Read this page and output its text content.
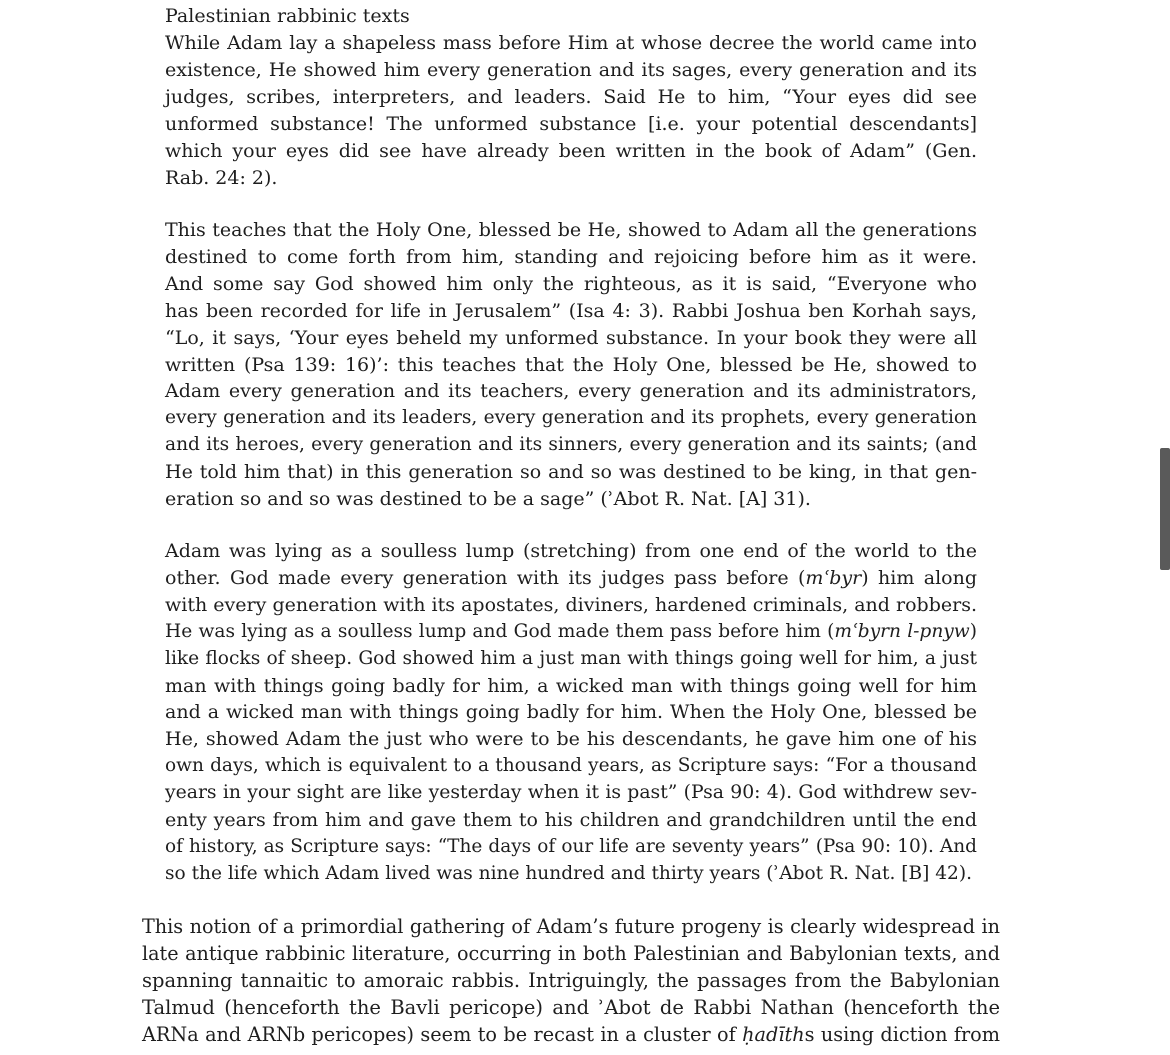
Palestinian rabbinic texts
While Adam lay a shapeless mass before Him at whose decree the world came into
existence, He showed him every generation and its sages, every generation and its
judges, scribes, interpreters, and leaders. Said He to him, “Your eyes did see
unformed substance! The unformed substance [i.e. your potential descendants]
which your eyes did see have already been written in the book of Adam” (Gen.
Rab. 24: 2).
This teaches that the Holy One, blessed be He, showed to Adam all the generations
destined to come forth from him, standing and rejoicing before him as it were.
And some say God showed him only the righteous, as it is said, “Everyone who
has been recorded for life in Jerusalem” (Isa 4: 3). Rabbi Joshua ben Korhah says,
“Lo, it says, ‘Your eyes beheld my unformed substance. In your book they were all
written (Psa 139: 16)’: this teaches that the Holy One, blessed be He, showed to
Adam every generation and its teachers, every generation and its administrators,
every generation and its leaders, every generation and its prophets, every generation
and its heroes, every generation and its sinners, every generation and its saints; (and
He told him that) in this generation so and so was destined to be king, in that gen-
eration so and so was destined to be a sage” (ʾAbot R. Nat. [A] 31).
Adam was lying as a soulless lump (stretching) from one end of the world to the
other. God made every generation with its judges pass before (mʿbyr) him along
with every generation with its apostates, diviners, hardened criminals, and robbers.
He was lying as a soulless lump and God made them pass before him (mʿbyrn l-pnyw)
like flocks of sheep. God showed him a just man with things going well for him, a just
man with things going badly for him, a wicked man with things going well for him
and a wicked man with things going badly for him. When the Holy One, blessed be
He, showed Adam the just who were to be his descendants, he gave him one of his
own days, which is equivalent to a thousand years, as Scripture says: “For a thousand
years in your sight are like yesterday when it is past” (Psa 90: 4). God withdrew sev-
enty years from him and gave them to his children and grandchildren until the end
of history, as Scripture says: “The days of our life are seventy years” (Psa 90: 10). And
so the life which Adam lived was nine hundred and thirty years (ʾAbot R. Nat. [B] 42).
This notion of a primordial gathering of Adam’s future progeny is clearly widespread in
late antique rabbinic literature, occurring in both Palestinian and Babylonian texts, and
spanning tannaitic to amoraic rabbis. Intriguingly, the passages from the Babylonian
Talmud (henceforth the Bavli pericope) and ʾAbot de Rabbi Nathan (henceforth the
ARNa and ARNb pericopes) seem to be recast in a cluster of ḥadīths using diction from
